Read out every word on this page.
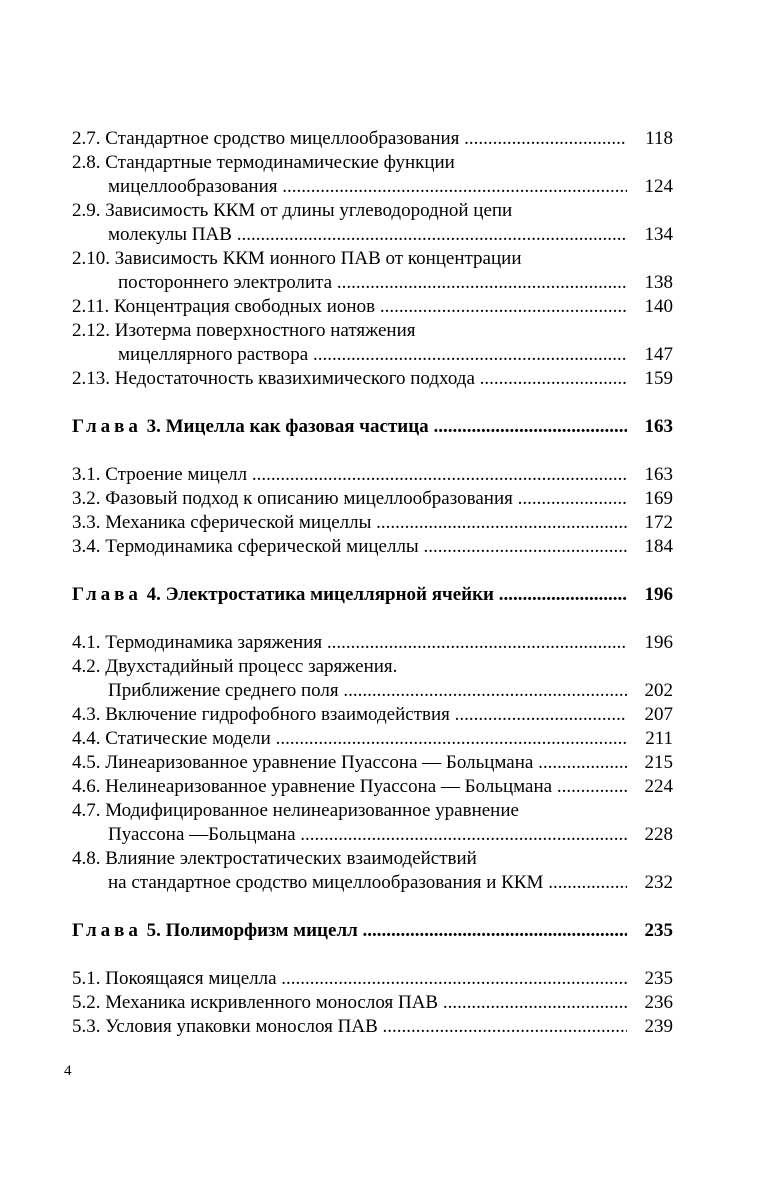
2.7. Стандартное сродство мицеллообразования .....	118
2.8. Стандартные термодинамические функции
мицеллообразования .....	124
2.9. Зависимость ККМ от длины углеводородной цепи
молекулы ПАВ .....	134
2.10. Зависимость ККМ ионного ПАВ от концентрации
постороннего электролита .....	138
2.11. Концентрация свободных ионов .....	140
2.12. Изотерма поверхностного натяжения
мицеллярного раствора .....	147
2.13. Недостаточность квазихимического подхода .....	159
Глава 3. Мицелла как фазовая частица .....	163
3.1. Строение мицелл .....	163
3.2. Фазовый подход к описанию мицеллообразования .....	169
3.3. Механика сферической мицеллы .....	172
3.4. Термодинамика сферической мицеллы .....	184
Глава 4. Электростатика мицеллярной ячейки .....	196
4.1. Термодинамика заряжения .....	196
4.2. Двухстадийный процесс заряжения.
Приближение среднего поля .....	202
4.3. Включение гидрофобного взаимодействия .....	207
4.4. Статические модели .....	211
4.5. Линеаризованное уравнение Пуассона — Больцмана .....	215
4.6. Нелинеаризованное уравнение Пуассона — Больцмана .....	224
4.7. Модифицированное нелинеаризованное уравнение
Пуассона —Больцмана .....	228
4.8. Влияние электростатических взаимодействий
на стандартное сродство мицеллообразования и ККМ .....	232
Глава 5. Полиморфизм мицелл .....	235
5.1. Покоящаяся мицелла .....	235
5.2. Механика искривленного монослоя ПАВ .....	236
5.3. Условия упаковки монослоя ПАВ .....	239
4
